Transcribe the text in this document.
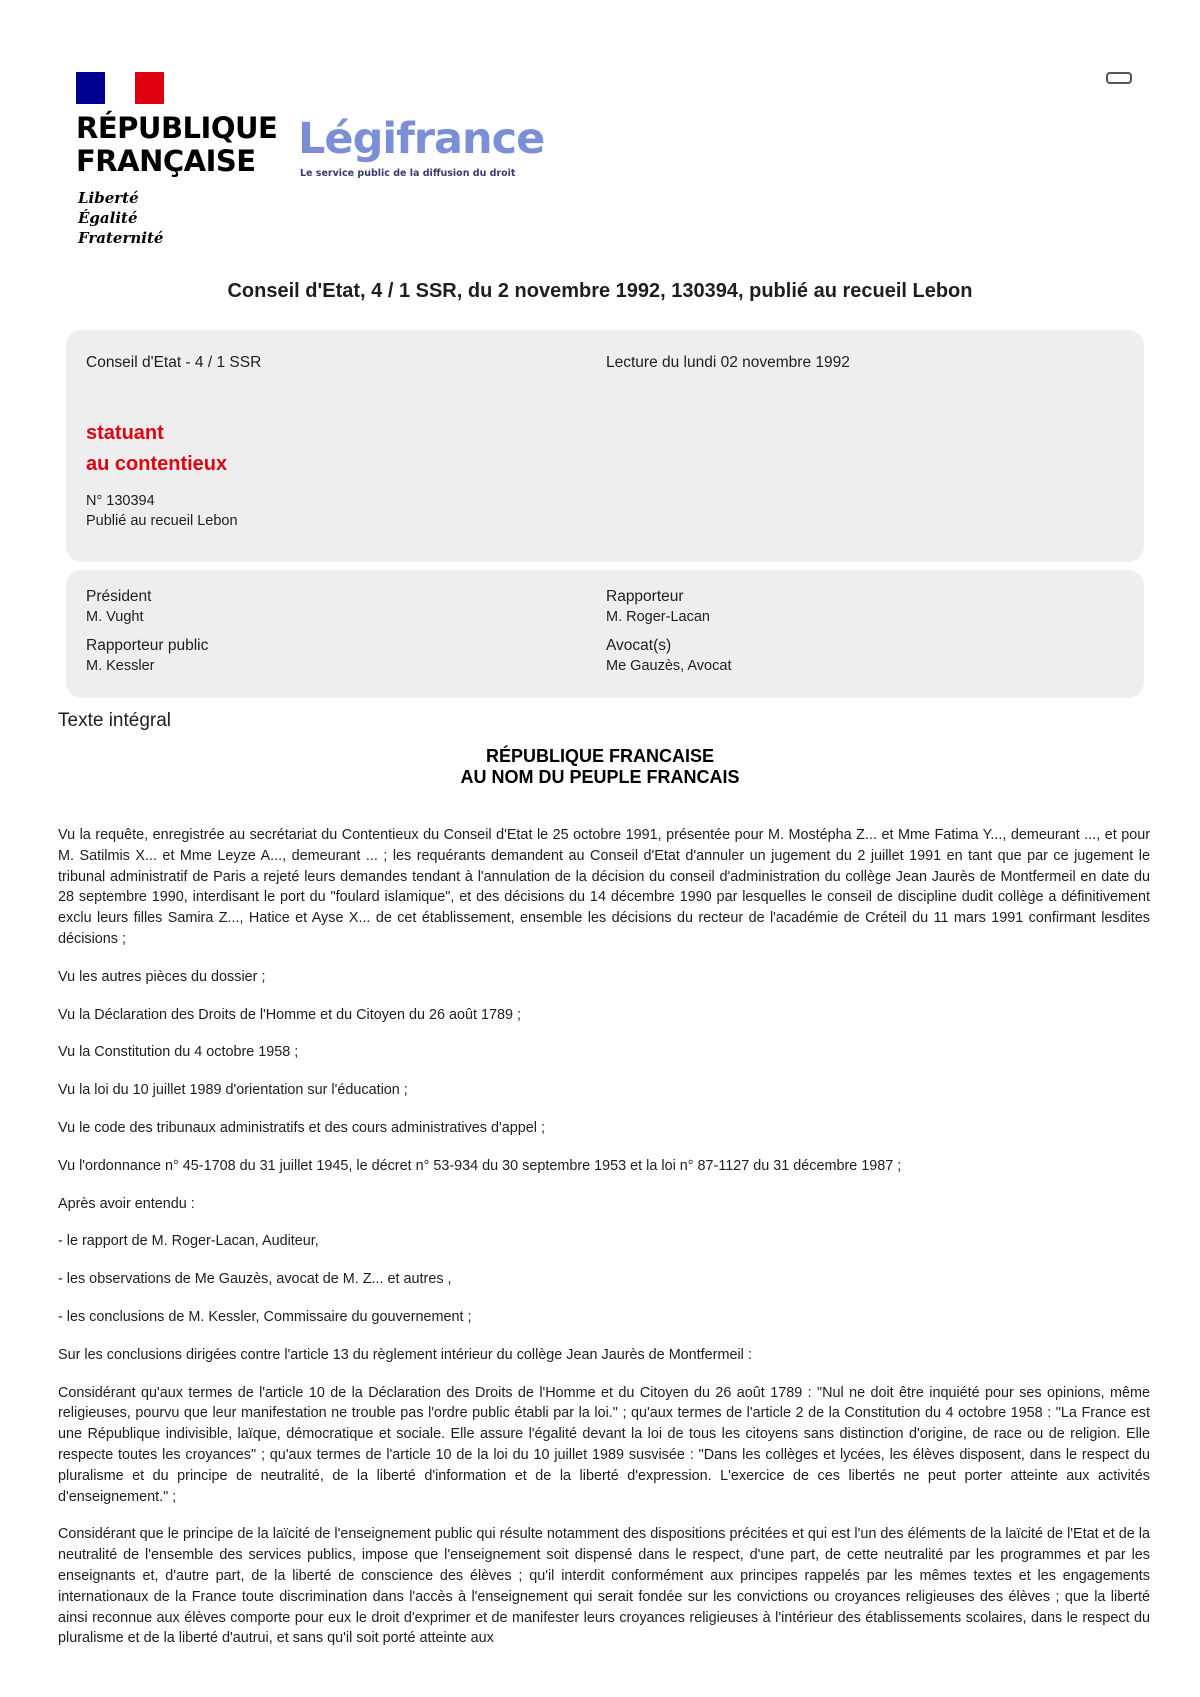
RÉPUBLIQUE
FRANÇAISE
Liberté
Égalité
Fraternité
Légifrance
Le service public de la diffusion du droit
Conseil d'Etat, 4 / 1 SSR, du 2 novembre 1992, 130394, publié au recueil Lebon
Conseil d'Etat - 4 / 1 SSR	Lecture du lundi 02 novembre 1992
statuant
au contentieux
N° 130394
Publié au recueil Lebon
Président
M. Vught
Rapporteur
M. Roger-Lacan
Rapporteur public
M. Kessler
Avocat(s)
Me Gauzès, Avocat
Texte intégral
RÉPUBLIQUE FRANCAISE
AU NOM DU PEUPLE FRANCAIS

Vu la requête, enregistrée au secrétariat du Contentieux du Conseil d'Etat le 25 octobre 1991, présentée pour M. Mostépha Z... et Mme Fatima Y..., demeurant ..., et pour M. Satilmis X... et Mme Leyze A..., demeurant ... ; les requérants demandent au Conseil d'Etat d'annuler un jugement du 2 juillet 1991 en tant que par ce jugement le tribunal administratif de Paris a rejeté leurs demandes tendant à l'annulation de la décision du conseil d'administration du collège Jean Jaurès de Montfermeil en date du 28 septembre 1990, interdisant le port du "foulard islamique", et des décisions du 14 décembre 1990 par lesquelles le conseil de discipline dudit collège a définitivement exclu leurs filles Samira Z..., Hatice et Ayse X... de cet établissement, ensemble les décisions du recteur de l'académie de Créteil du 11 mars 1991 confirmant lesdites décisions ;

Vu les autres pièces du dossier ;

Vu la Déclaration des Droits de l'Homme et du Citoyen du 26 août 1789 ;

Vu la Constitution du 4 octobre 1958 ;

Vu la loi du 10 juillet 1989 d'orientation sur l'éducation ;

Vu le code des tribunaux administratifs et des cours administratives d'appel ;

Vu l'ordonnance n° 45-1708 du 31 juillet 1945, le décret n° 53-934 du 30 septembre 1953 et la loi n° 87-1127 du 31 décembre 1987 ;

Après avoir entendu :

- le rapport de M. Roger-Lacan, Auditeur,

- les observations de Me Gauzès, avocat de M. Z... et autres ,

- les conclusions de M. Kessler, Commissaire du gouvernement ;

Sur les conclusions dirigées contre l'article 13 du règlement intérieur du collège Jean Jaurès de Montfermeil :

Considérant qu'aux termes de l'article 10 de la Déclaration des Droits de l'Homme et du Citoyen du 26 août 1789 : "Nul ne doit être inquiété pour ses opinions, même religieuses, pourvu que leur manifestation ne trouble pas l'ordre public établi par la loi." ; qu'aux termes de l'article 2 de la Constitution du 4 octobre 1958 : "La France est une République indivisible, laïque, démocratique et sociale. Elle assure l'égalité devant la loi de tous les citoyens sans distinction d'origine, de race ou de religion. Elle respecte toutes les croyances" ; qu'aux termes de l'article 10 de la loi du 10 juillet 1989 susvisée : "Dans les collèges et lycées, les élèves disposent, dans le respect du pluralisme et du principe de neutralité, de la liberté d'information et de la liberté d'expression. L'exercice de ces libertés ne peut porter atteinte aux activités d'enseignement." ;

Considérant que le principe de la laïcité de l'enseignement public qui résulte notamment des dispositions précitées et qui est l'un des éléments de la laïcité de l'Etat et de la neutralité de l'ensemble des services publics, impose que l'enseignement soit dispensé dans le respect, d'une part, de cette neutralité par les programmes et par les enseignants et, d'autre part, de la liberté de conscience des élèves ; qu'il interdit conformément aux principes rappelés par les mêmes textes et les engagements internationaux de la France toute discrimination dans l'accès à l'enseignement qui serait fondée sur les convictions ou croyances religieuses des élèves ; que la liberté ainsi reconnue aux élèves comporte pour eux le droit d'exprimer et de manifester leurs croyances religieuses à l'intérieur des établissements scolaires, dans le respect du pluralisme et de la liberté d'autrui, et sans qu'il soit porté atteinte aux
